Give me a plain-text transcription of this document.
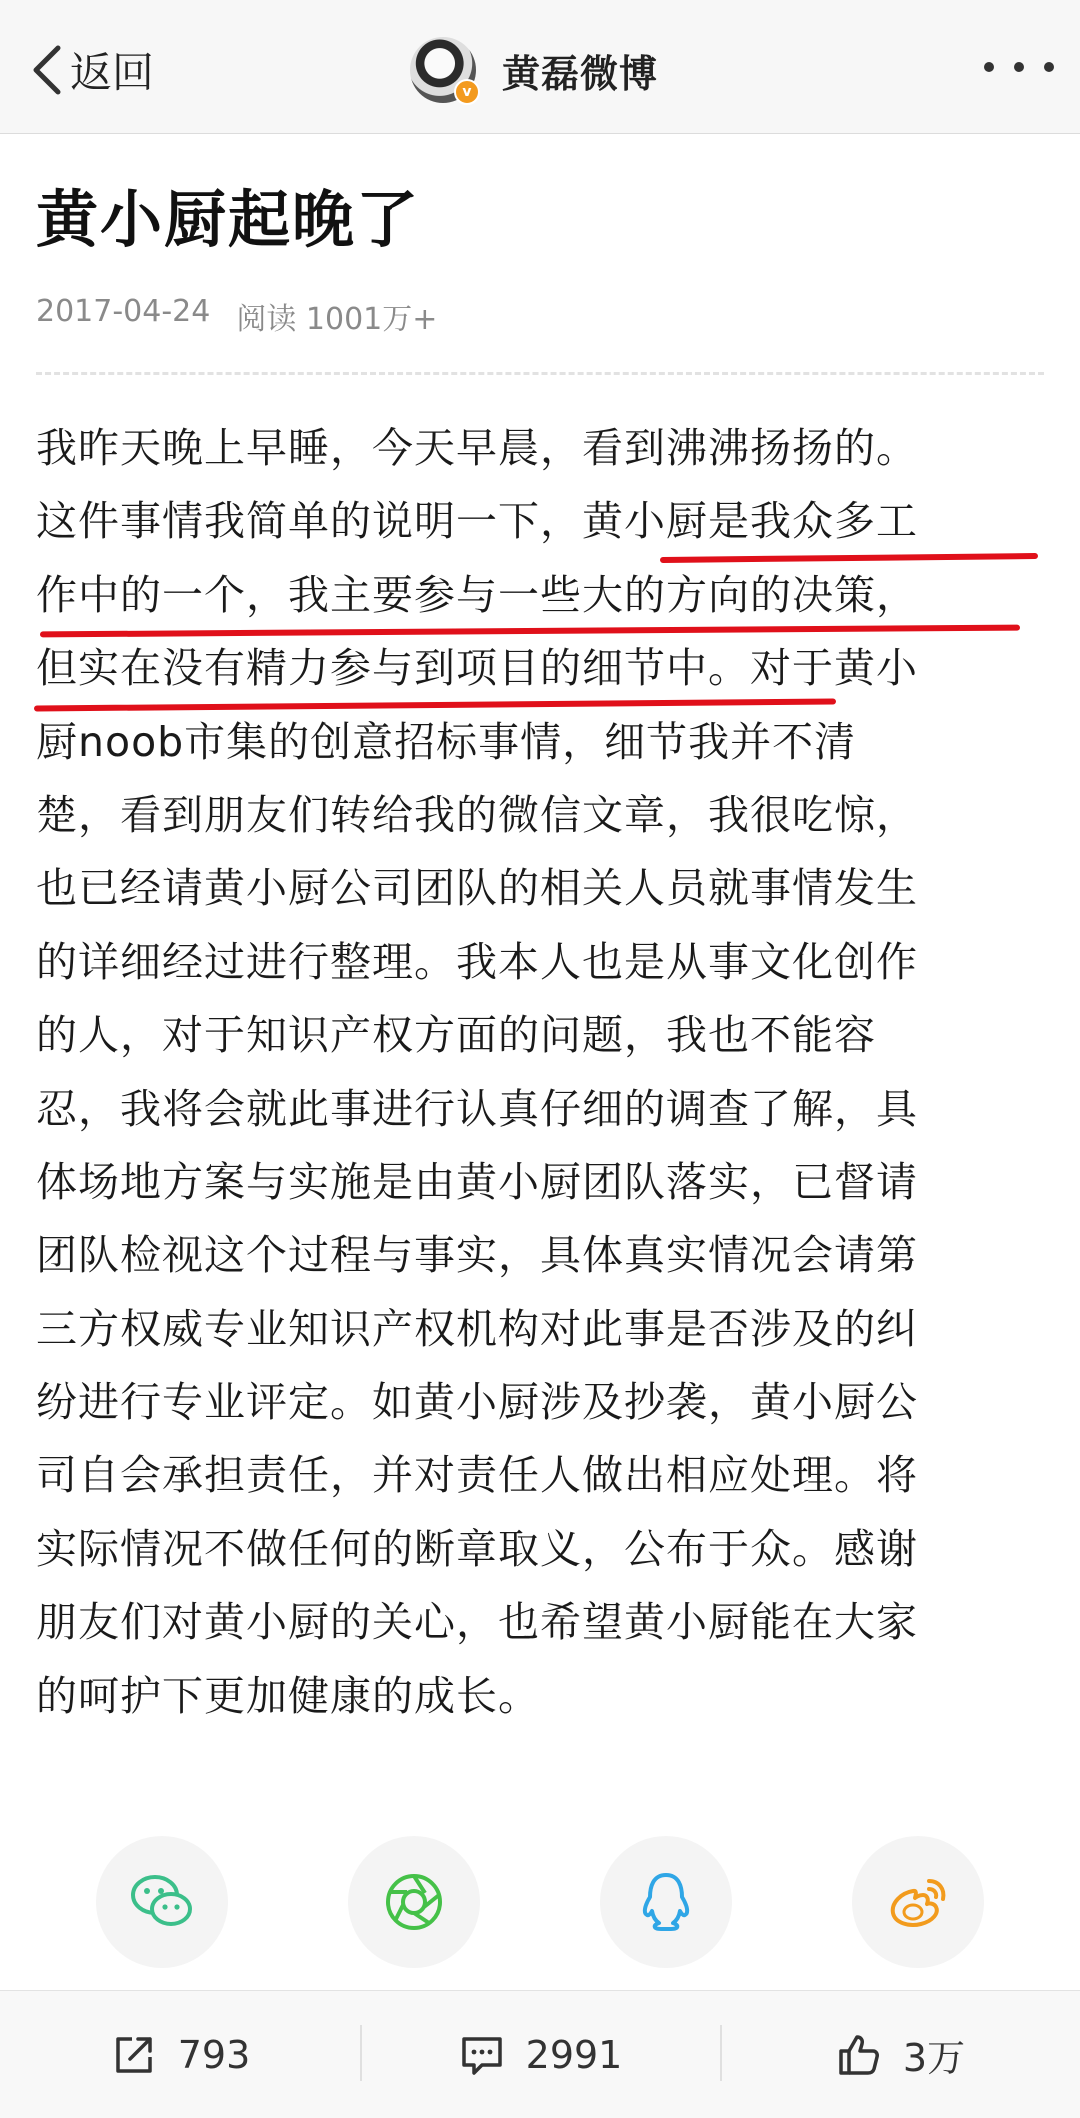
返回	v 黄磊微博
黄小厨起晚了
2017-04-24 阅读 1001万+
我昨天晚上早睡，今天早晨，看到沸沸扬扬的。
这件事情我简单的说明一下，黄小厨是我众多工
作中的一个，我主要参与一些大的方向的决策，
但实在没有精力参与到项目的细节中。对于黄小
厨noob市集的创意招标事情，细节我并不清
楚，看到朋友们转给我的微信文章，我很吃惊，
也已经请黄小厨公司团队的相关人员就事情发生
的详细经过进行整理。我本人也是从事文化创作
的人，对于知识产权方面的问题，我也不能容
忍，我将会就此事进行认真仔细的调查了解，具
体场地方案与实施是由黄小厨团队落实，已督请
团队检视这个过程与事实，具体真实情况会请第
三方权威专业知识产权机构对此事是否涉及的纠
纷进行专业评定。如黄小厨涉及抄袭，黄小厨公
司自会承担责任，并对责任人做出相应处理。将
实际情况不做任何的断章取义，公布于众。感谢
朋友们对黄小厨的关心，也希望黄小厨能在大家
的呵护下更加健康的成长。
793	2991	3万
